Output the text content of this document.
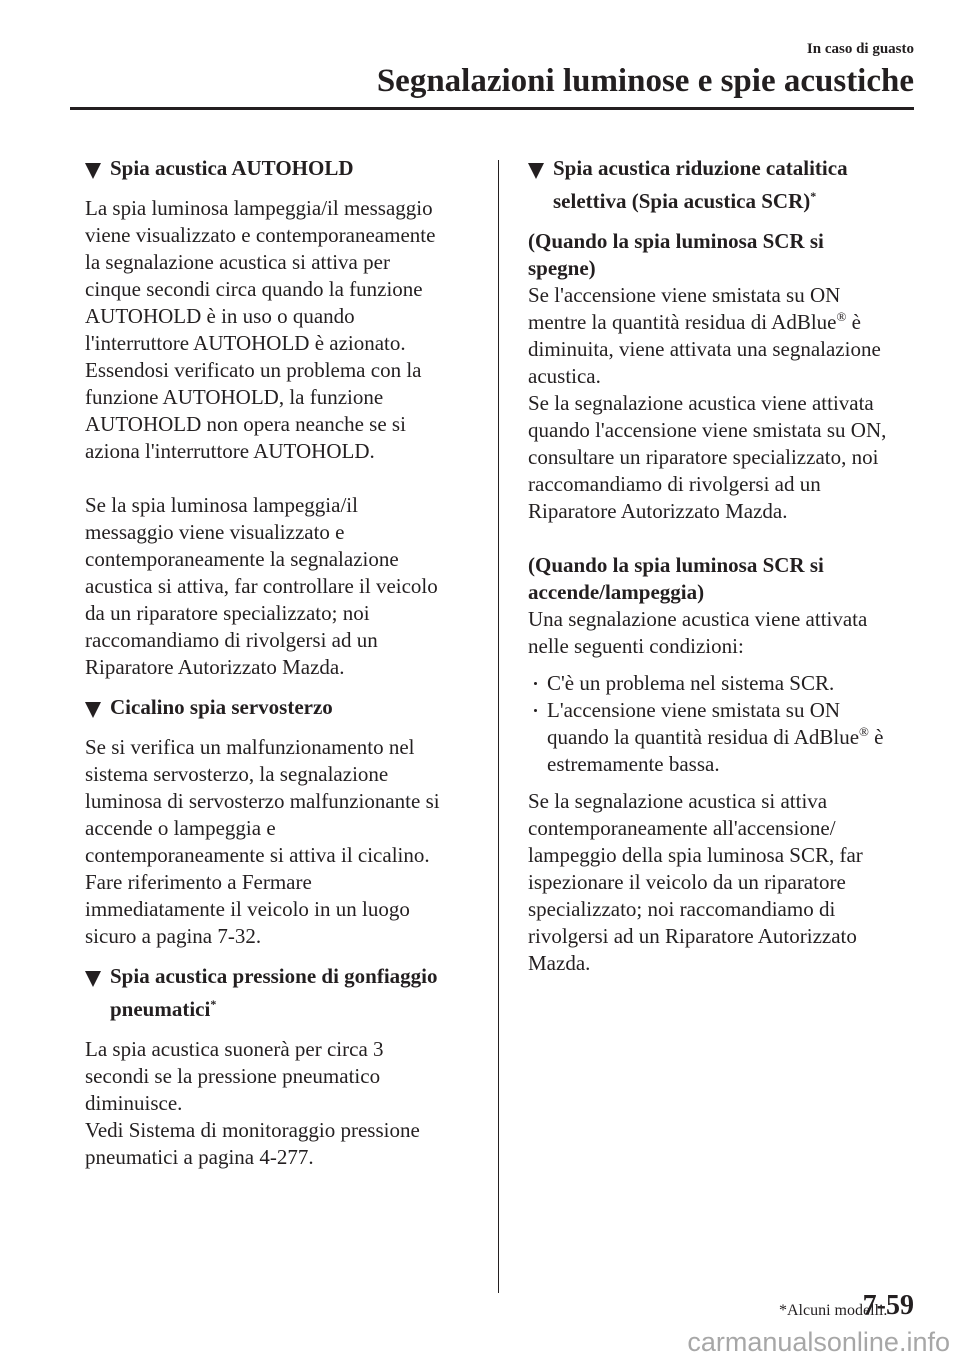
In caso di guasto
Segnalazioni luminose e spie acustiche
Spia acustica AUTOHOLD

La spia luminosa lampeggia/il messaggio
viene visualizzato e contemporaneamente
la segnalazione acustica si attiva per
cinque secondi circa quando la funzione
AUTOHOLD è in uso o quando
l'interruttore AUTOHOLD è azionato.
Essendosi verificato un problema con la
funzione AUTOHOLD, la funzione
AUTOHOLD non opera neanche se si
aziona l'interruttore AUTOHOLD.

Se la spia luminosa lampeggia/il
messaggio viene visualizzato e
contemporaneamente la segnalazione
acustica si attiva, far controllare il veicolo
da un riparatore specializzato; noi
raccomandiamo di rivolgersi ad un
Riparatore Autorizzato Mazda.

Cicalino spia servosterzo

Se si verifica un malfunzionamento nel
sistema servosterzo, la segnalazione
luminosa di servosterzo malfunzionante si
accende o lampeggia e
contemporaneamente si attiva il cicalino.
Fare riferimento a Fermare
immediatamente il veicolo in un luogo
sicuro a pagina 7-32.

Spia acustica pressione di gonfiaggio
pneumatici*

La spia acustica suonerà per circa 3
secondi se la pressione pneumatico
diminuisce.
Vedi Sistema di monitoraggio pressione
pneumatici a pagina 4-277.

Spia acustica riduzione catalitica
selettiva (Spia acustica SCR)*

(Quando la spia luminosa SCR si
spegne)

Se l'accensione viene smistata su ON
mentre la quantità residua di AdBlue® è
diminuita, viene attivata una segnalazione
acustica.
Se la segnalazione acustica viene attivata
quando l'accensione viene smistata su ON,
consultare un riparatore specializzato, noi
raccomandiamo di rivolgersi ad un
Riparatore Autorizzato Mazda.

(Quando la spia luminosa SCR si
accende/lampeggia)

Una segnalazione acustica viene attivata
nelle seguenti condizioni:

C'è un problema nel sistema SCR.
L'accensione viene smistata su ON
quando la quantità residua di AdBlue® è
estremamente bassa.

Se la segnalazione acustica si attiva
contemporaneamente all'accensione/
lampeggio della spia luminosa SCR, far
ispezionare il veicolo da un riparatore
specializzato; noi raccomandiamo di
rivolgersi ad un Riparatore Autorizzato
Mazda.

*Alcuni modelli.
7-59
carmanualsonline.info
